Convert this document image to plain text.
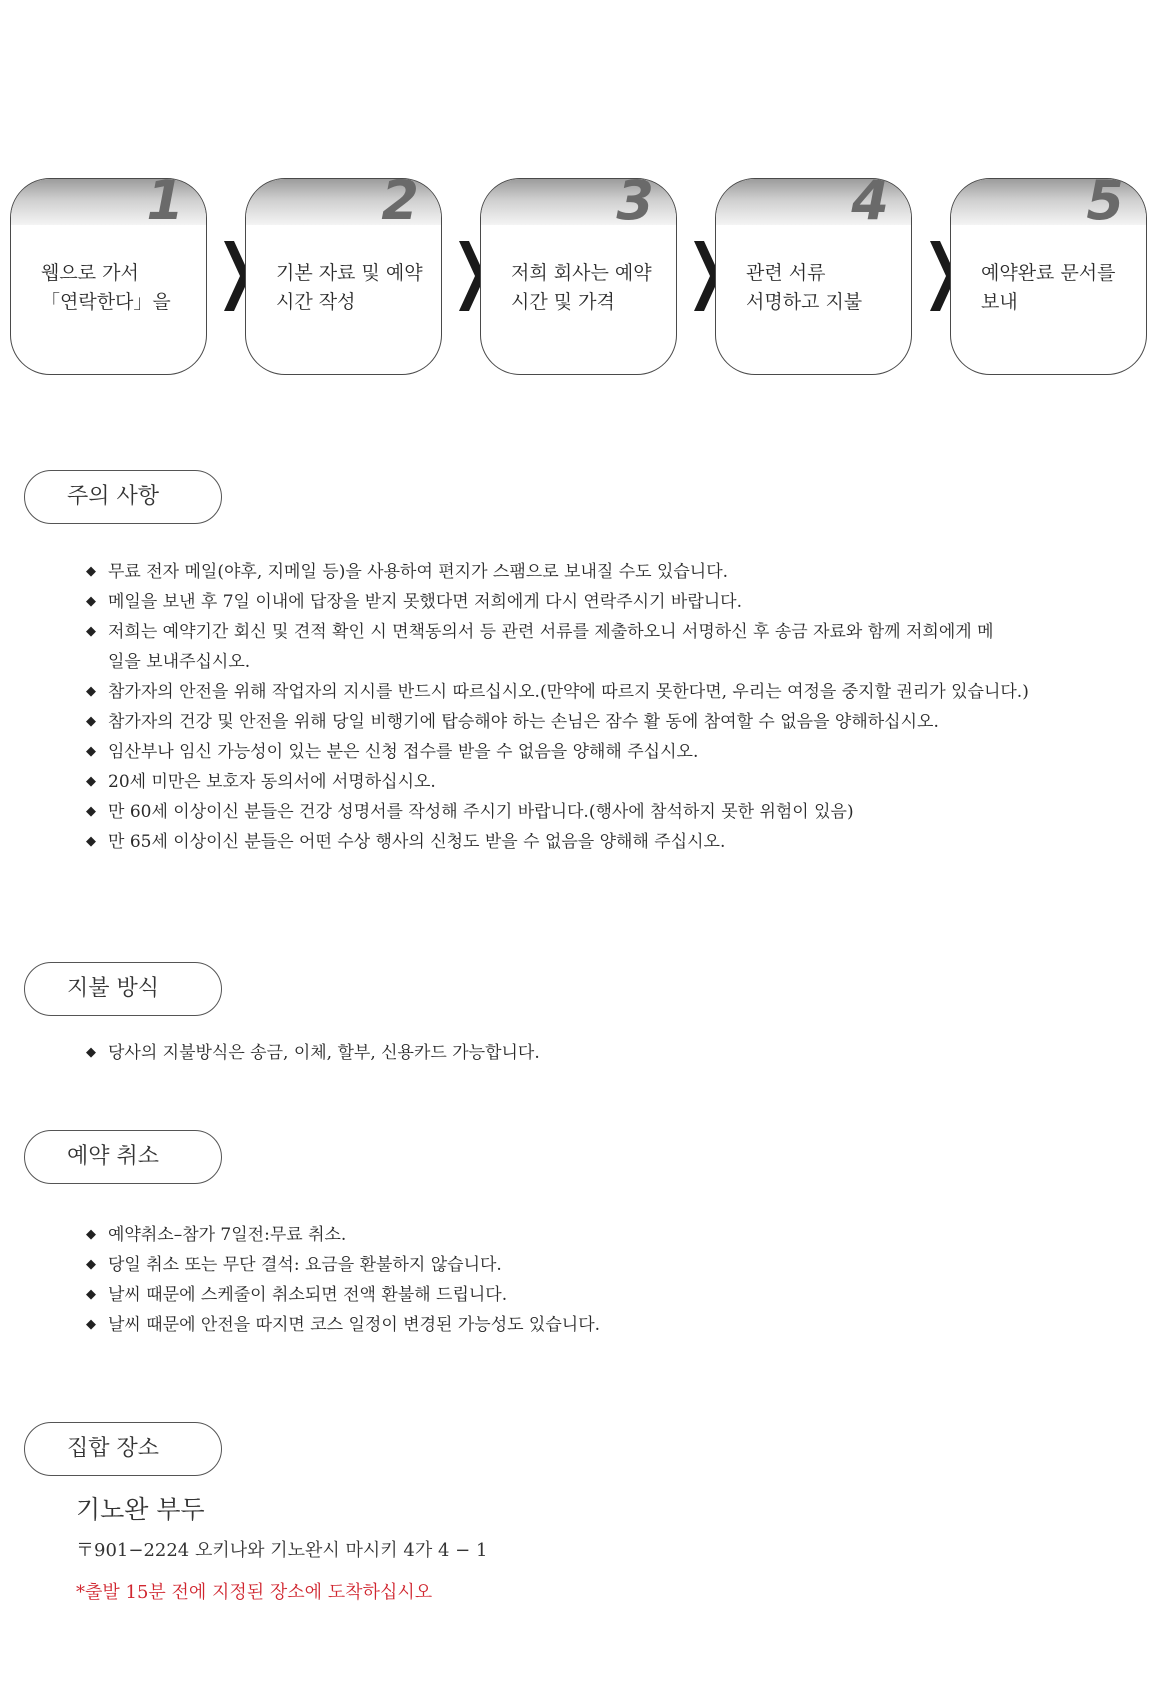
1
웹으로 가서
「연락한다」을
2
기본 자료 및 예약
시간 작성
3
저희 회사는 예약
시간 및 가격
4
관련 서류
서명하고 지불
5
예약완료 문서를
보내
주의 사항
◆ 무료 전자 메일(야후, 지메일 등)을 사용하여 편지가 스팸으로 보내질 수도 있습니다.
◆ 메일을 보낸 후 7일 이내에 답장을 받지 못했다면 저희에게 다시 연락주시기 바랍니다.
◆ 저희는 예약기간 회신 및 견적 확인 시 면책동의서 등 관련 서류를 제출하오니 서명하신 후 송금 자료와 함께 저희에게 메일을 보내주십시오.
◆ 참가자의 안전을 위해 작업자의 지시를 반드시 따르십시오.(만약에 따르지 못한다면, 우리는 여정을 중지할 권리가 있습니다.)
◆ 참가자의 건강 및 안전을 위해 당일 비행기에 탑승해야 하는 손님은 잠수 활 동에 참여할 수 없음을 양해하십시오.
◆ 임산부나 임신 가능성이 있는 분은 신청 접수를 받을 수 없음을 양해해 주십시오.
◆ 20세 미만은 보호자 동의서에 서명하십시오.
◆ 만 60세 이상이신 분들은 건강 성명서를 작성해 주시기 바랍니다.(행사에 참석하지 못한 위험이 있음)
◆ 만 65세 이상이신 분들은 어떤 수상 행사의 신청도 받을 수 없음을 양해해 주십시오.
지불 방식
◆ 당사의 지불방식은 송금, 이체, 할부, 신용카드 가능합니다.
예약 취소
◆ 예약취소–참가 7일전:무료 취소.
◆ 당일 취소 또는 무단 결석: 요금을 환불하지 않습니다.
◆ 날씨 때문에 스케줄이 취소되면 전액 환불해 드립니다.
◆ 날씨 때문에 안전을 따지면 코스 일정이 변경된 가능성도 있습니다.
집합 장소
기노완 부두
〒901−2224 오키나와 기노완시 마시키 4가 4 − 1
*출발 15분 전에 지정된 장소에 도착하십시오
